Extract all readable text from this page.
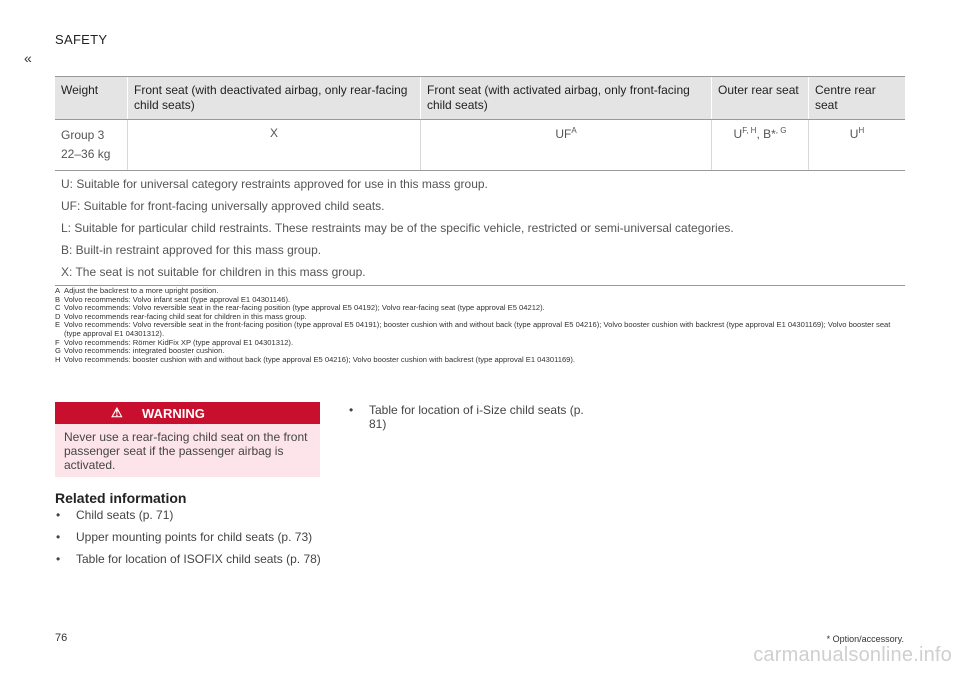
SAFETY
«
Weight	Front seat (with deactivated airbag, only rear-facing child seats)	Front seat (with activated airbag, only front-facing child seats)	Outer rear seat	Centre rear seat

Group 3
22–36 kg	X	$UF^A$	$U^{F, H}$, B*$^{, G}$	$U^H$

U: Suitable for universal category restraints approved for use in this mass group.
UF: Suitable for front-facing universally approved child seats.
L: Suitable for particular child restraints. These restraints may be of the specific vehicle, restricted or semi-universal categories.
B: Built-in restraint approved for this mass group.
X: The seat is not suitable for children in this mass group.				
A Adjust the backrest to a more upright position.
B Volvo recommends: Volvo infant seat (type approval E1 04301146).
C Volvo recommends: Volvo reversible seat in the rear-facing position (type approval E5 04192); Volvo rear-facing seat (type approval E5 04212).
D Volvo recommends rear-facing child seat for children in this mass group.
E Volvo recommends: Volvo reversible seat in the front-facing position (type approval E5 04191); booster cushion with and without back (type approval E5 04216); Volvo booster cushion with backrest (type approval E1 04301169); Volvo booster seat (type approval E1 04301312).
F Volvo recommends: Römer KidFix XP (type approval E1 04301312).
G Volvo recommends: integrated booster cushion.
H Volvo recommends: booster cushion with and without back (type approval E5 04216); Volvo booster cushion with backrest (type approval E1 04301169).
⚠ WARNING
Never use a rear-facing child seat on the front passenger seat if the passenger airbag is activated.
Related information
• Child seats (p. 71)
• Upper mounting points for child seats (p. 73)
• Table for location of ISOFIX child seats (p. 78)
• Table for location of i-Size child seats (p. 81)
76	* Option/accessory.
carmanualsonline.info
